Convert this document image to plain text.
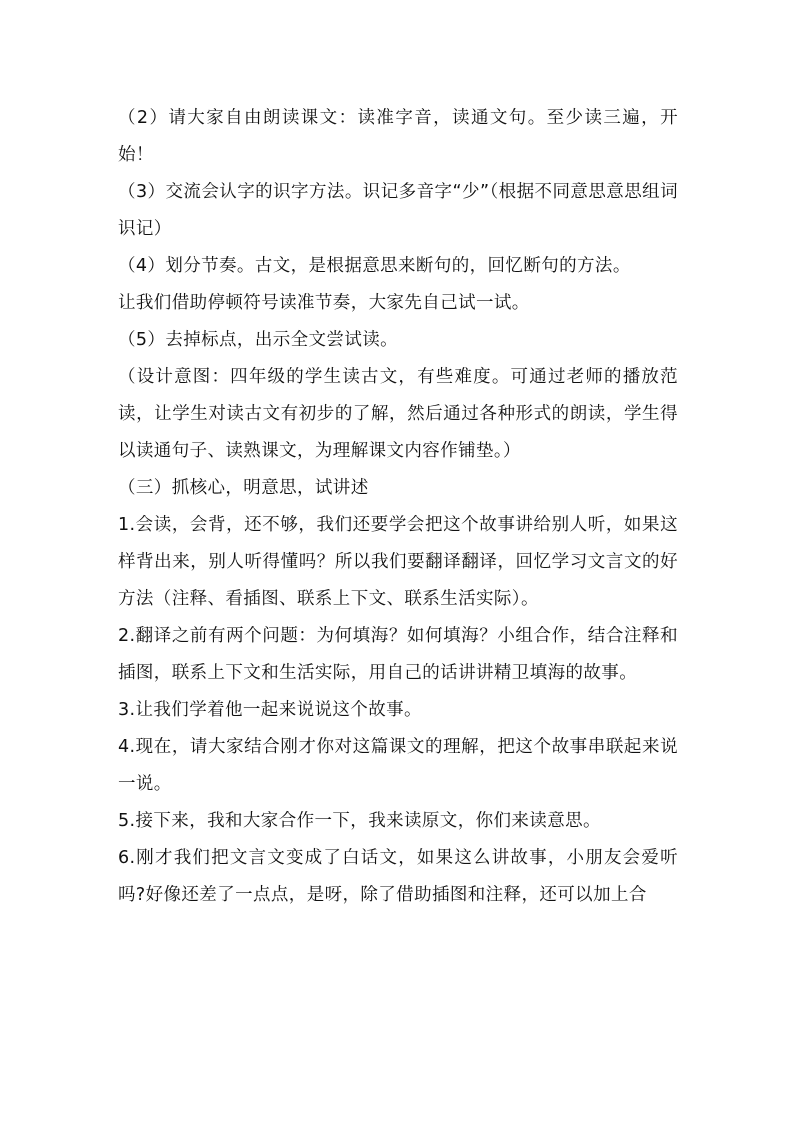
（2）请大家自由朗读课文：读准字音，读通文句。至少读三遍，开始！

（3）交流会认字的识字方法。识记多音字“少”（根据不同意思意思组词识记）

（4）划分节奏。古文，是根据意思来断句的，回忆断句的方法。

让我们借助停顿符号读准节奏，大家先自己试一试。

（5）去掉标点，出示全文尝试读。

（设计意图：四年级的学生读古文，有些难度。可通过老师的播放范读，让学生对读古文有初步的了解，然后通过各种形式的朗读，学生得以读通句子、读熟课文，为理解课文内容作铺垫。）

（三）抓核心，明意思，试讲述

1.会读，会背，还不够，我们还要学会把这个故事讲给别人听，如果这样背出来，别人听得懂吗？所以我们要翻译翻译，回忆学习文言文的好方法（注释、看插图、联系上下文、联系生活实际）。

2.翻译之前有两个问题：为何填海？如何填海？小组合作，结合注释和插图，联系上下文和生活实际，用自己的话讲讲精卫填海的故事。

3.让我们学着他一起来说说这个故事。

4.现在，请大家结合刚才你对这篇课文的理解，把这个故事串联起来说一说。

5.接下来，我和大家合作一下，我来读原文，你们来读意思。

6.刚才我们把文言文变成了白话文，如果这么讲故事，小朋友会爱听吗?好像还差了一点点，是呀，除了借助插图和注释，还可以加上合
